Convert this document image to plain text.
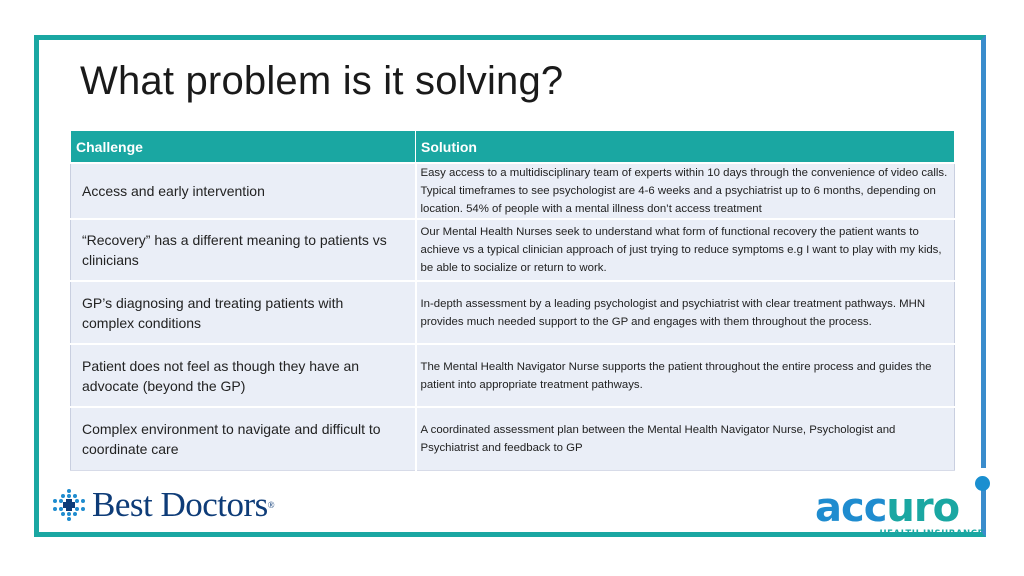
What problem is it solving?
Challenge	Solution
Access and early intervention	Easy access to a multidisciplinary team of experts within 10 days through the convenience of video calls. Typical timeframes to see psychologist are 4-6 weeks and a psychiatrist up to 6 months, depending on location. 54% of people with a mental illness don’t access treatment
“Recovery” has a different meaning to patients vs clinicians	Our Mental Health Nurses seek to understand what form of functional recovery the patient wants to achieve vs a typical clinician approach of just trying to reduce symptoms e.g I want to play with my kids, be able to socialize or return to work.
GP’s diagnosing and treating patients with complex conditions	In-depth assessment by a leading psychologist and psychiatrist with clear treatment pathways. MHN provides much needed support to the GP and engages with them throughout the process.
Patient does not feel as though they have an advocate (beyond the GP)	The Mental Health Navigator Nurse supports the patient throughout the entire process and guides the patient into appropriate treatment pathways.
Complex environment to navigate and difficult to coordinate care	A coordinated assessment plan between the Mental Health Navigator Nurse, Psychologist and Psychiatrist and feedback to GP
Best Doctors®	accuro
HEALTH INSURANCE
